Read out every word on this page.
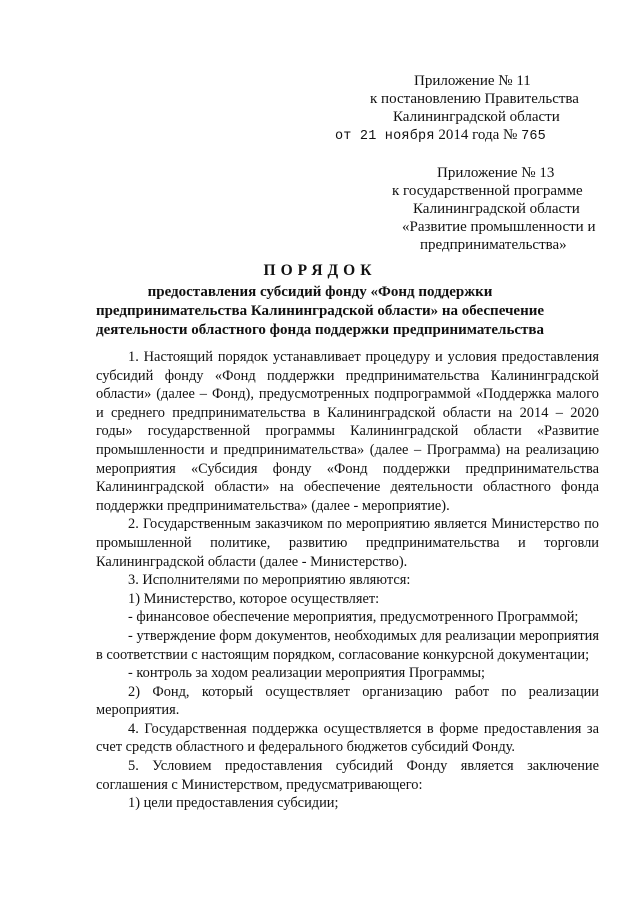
Приложение № 11
к постановлению Правительства
Калининградской области
от 21 ноября 2014 года № 765
Приложение № 13
к государственной программе
Калининградской области
«Развитие промышленности и
предпринимательства»
ПОРЯДОК
предоставления субсидий фонду «Фонд поддержки
предпринимательства Калининградской области» на обеспечение
деятельности областного фонда поддержки предпринимательства

1. Настоящий порядок устанавливает процедуру и условия предоставления субсидий фонду «Фонд поддержки предпринимательства Калининградской области» (далее – Фонд), предусмотренных подпрограммой «Поддержка малого и среднего предпринимательства в Калининградской области на 2014 – 2020 годы» государственной программы Калининградской области «Развитие промышленности и предпринимательства» (далее – Программа) на реализацию мероприятия «Субсидия фонду «Фонд поддержки предпринимательства Калининградской области» на обеспечение деятельности областного фонда поддержки предпринимательства» (далее - мероприятие).

2. Государственным заказчиком по мероприятию является Министерство по промышленной политике, развитию предпринимательства и торговли Калининградской области (далее - Министерство).

3. Исполнителями по мероприятию являются:

1) Министерство, которое осуществляет:

- финансовое обеспечение мероприятия, предусмотренного Программой;

- утверждение форм документов, необходимых для реализации мероприятия в соответствии с настоящим порядком, согласование конкурсной документации;

- контроль за ходом реализации мероприятия Программы;

2) Фонд, который осуществляет организацию работ по реализации мероприятия.

4. Государственная поддержка осуществляется в форме предоставления за счет средств областного и федерального бюджетов субсидий Фонду.

5. Условием предоставления субсидий Фонду является заключение соглашения с Министерством, предусматривающего:

1) цели предоставления субсидии;
